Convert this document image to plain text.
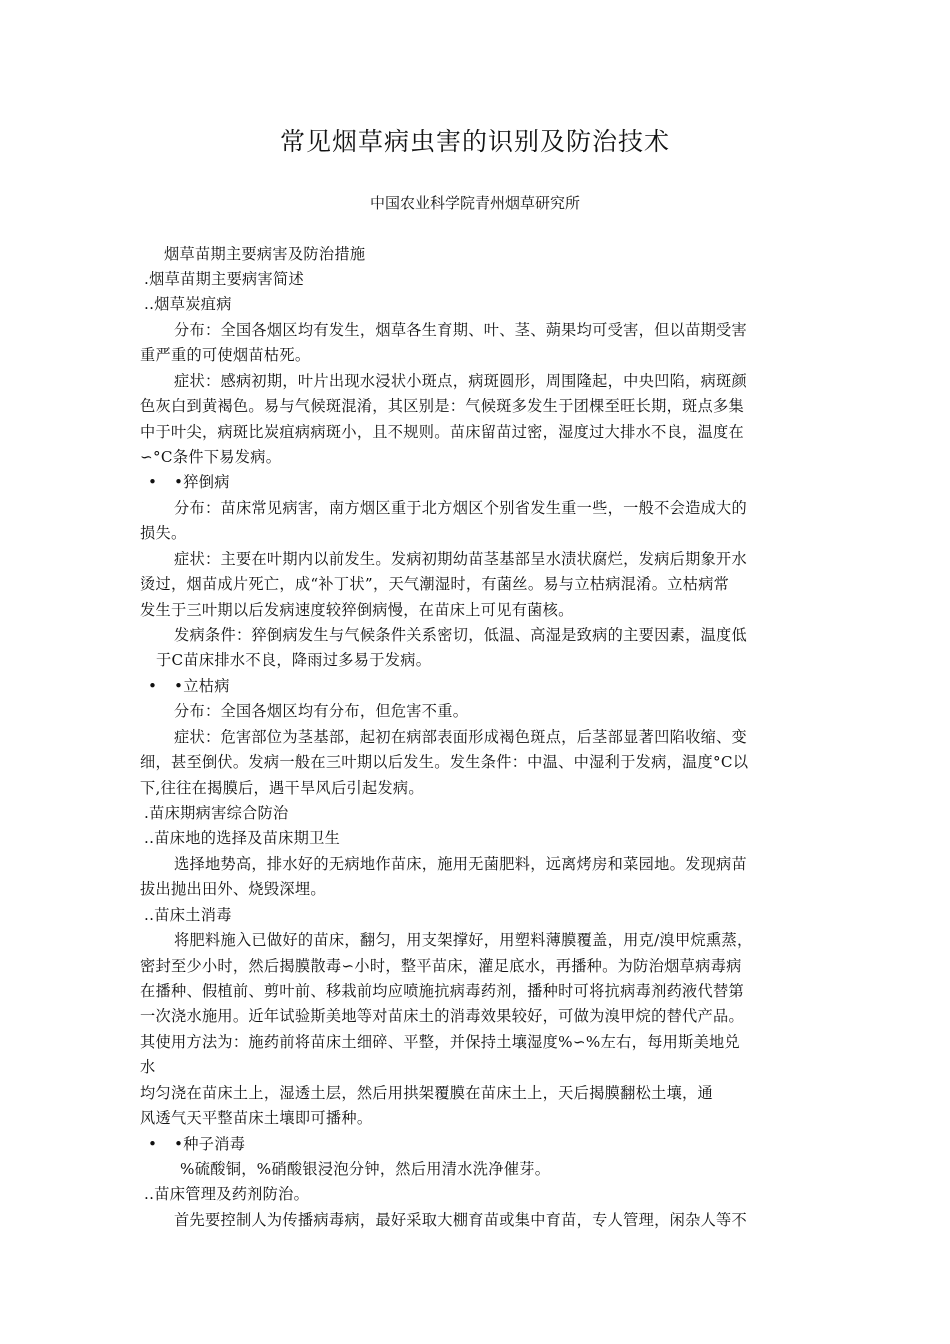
常见烟草病虫害的识别及防治技术
中国农业科学院青州烟草研究所
烟草苗期主要病害及防治措施
.烟草苗期主要病害简述
..烟草炭疽病
分布：全国各烟区均有发生，烟草各生育期、叶、茎、蒴果均可受害，但以苗期受害
重严重的可使烟苗枯死。
症状：感病初期，叶片出现水浸状小斑点，病斑圆形，周围隆起，中央凹陷，病斑颜
色灰白到黄褐色。易与气候斑混淆，其区别是：气候斑多发生于团棵至旺长期，斑点多集
中于叶尖，病斑比炭疽病病斑小，且不规则。苗床留苗过密，湿度过大排水不良，温度在
∽°C条件下易发病。
• •猝倒病
分布：苗床常见病害，南方烟区重于北方烟区个别省发生重一些，一般不会造成大的
损失。
症状：主要在叶期内以前发生。发病初期幼苗茎基部呈水渍状腐烂，发病后期象开水
烫过，烟苗成片死亡，成“补丁状”，天气潮湿时，有菌丝。易与立枯病混淆。立枯病常
发生于三叶期以后发病速度较猝倒病慢，在苗床上可见有菌核。
发病条件：猝倒病发生与气候条件关系密切，低温、高湿是致病的主要因素，温度低
于C苗床排水不良，降雨过多易于发病。
• •立枯病
分布：全国各烟区均有分布，但危害不重。
症状：危害部位为茎基部，起初在病部表面形成褐色斑点，后茎部显著凹陷收缩、变
细，甚至倒伏。发病一般在三叶期以后发生。发生条件：中温、中湿利于发病，温度°C以
下,往往在揭膜后，遇干旱风后引起发病。
.苗床期病害综合防治
..苗床地的选择及苗床期卫生
选择地势高，排水好的无病地作苗床，施用无菌肥料，远离烤房和菜园地。发现病苗
拔出抛出田外、烧毁深埋。
..苗床土消毒
将肥料施入已做好的苗床，翻匀，用支架撑好，用塑料薄膜覆盖，用克/溴甲烷熏蒸，
密封至少小时，然后揭膜散毒∽小时，整平苗床，灌足底水，再播种。为防治烟草病毒病
在播种、假植前、剪叶前、移栽前均应喷施抗病毒药剂，播种时可将抗病毒剂药液代替第
一次浇水施用。近年试验斯美地等对苗床土的消毒效果较好，可做为溴甲烷的替代产品。
其使用方法为：施药前将苗床土细碎、平整，并保持土壤湿度%∽%左右，每用斯美地兑
水
均匀浇在苗床土上，湿透土层，然后用拱架覆膜在苗床土上，天后揭膜翻松土壤，通
风透气天平整苗床土壤即可播种。
• •种子消毒
%硫酸铜，%硝酸银浸泡分钟，然后用清水洗净催芽。
..苗床管理及药剂防治。
首先要控制人为传播病毒病，最好采取大棚育苗或集中育苗，专人管理，闲杂人等不
